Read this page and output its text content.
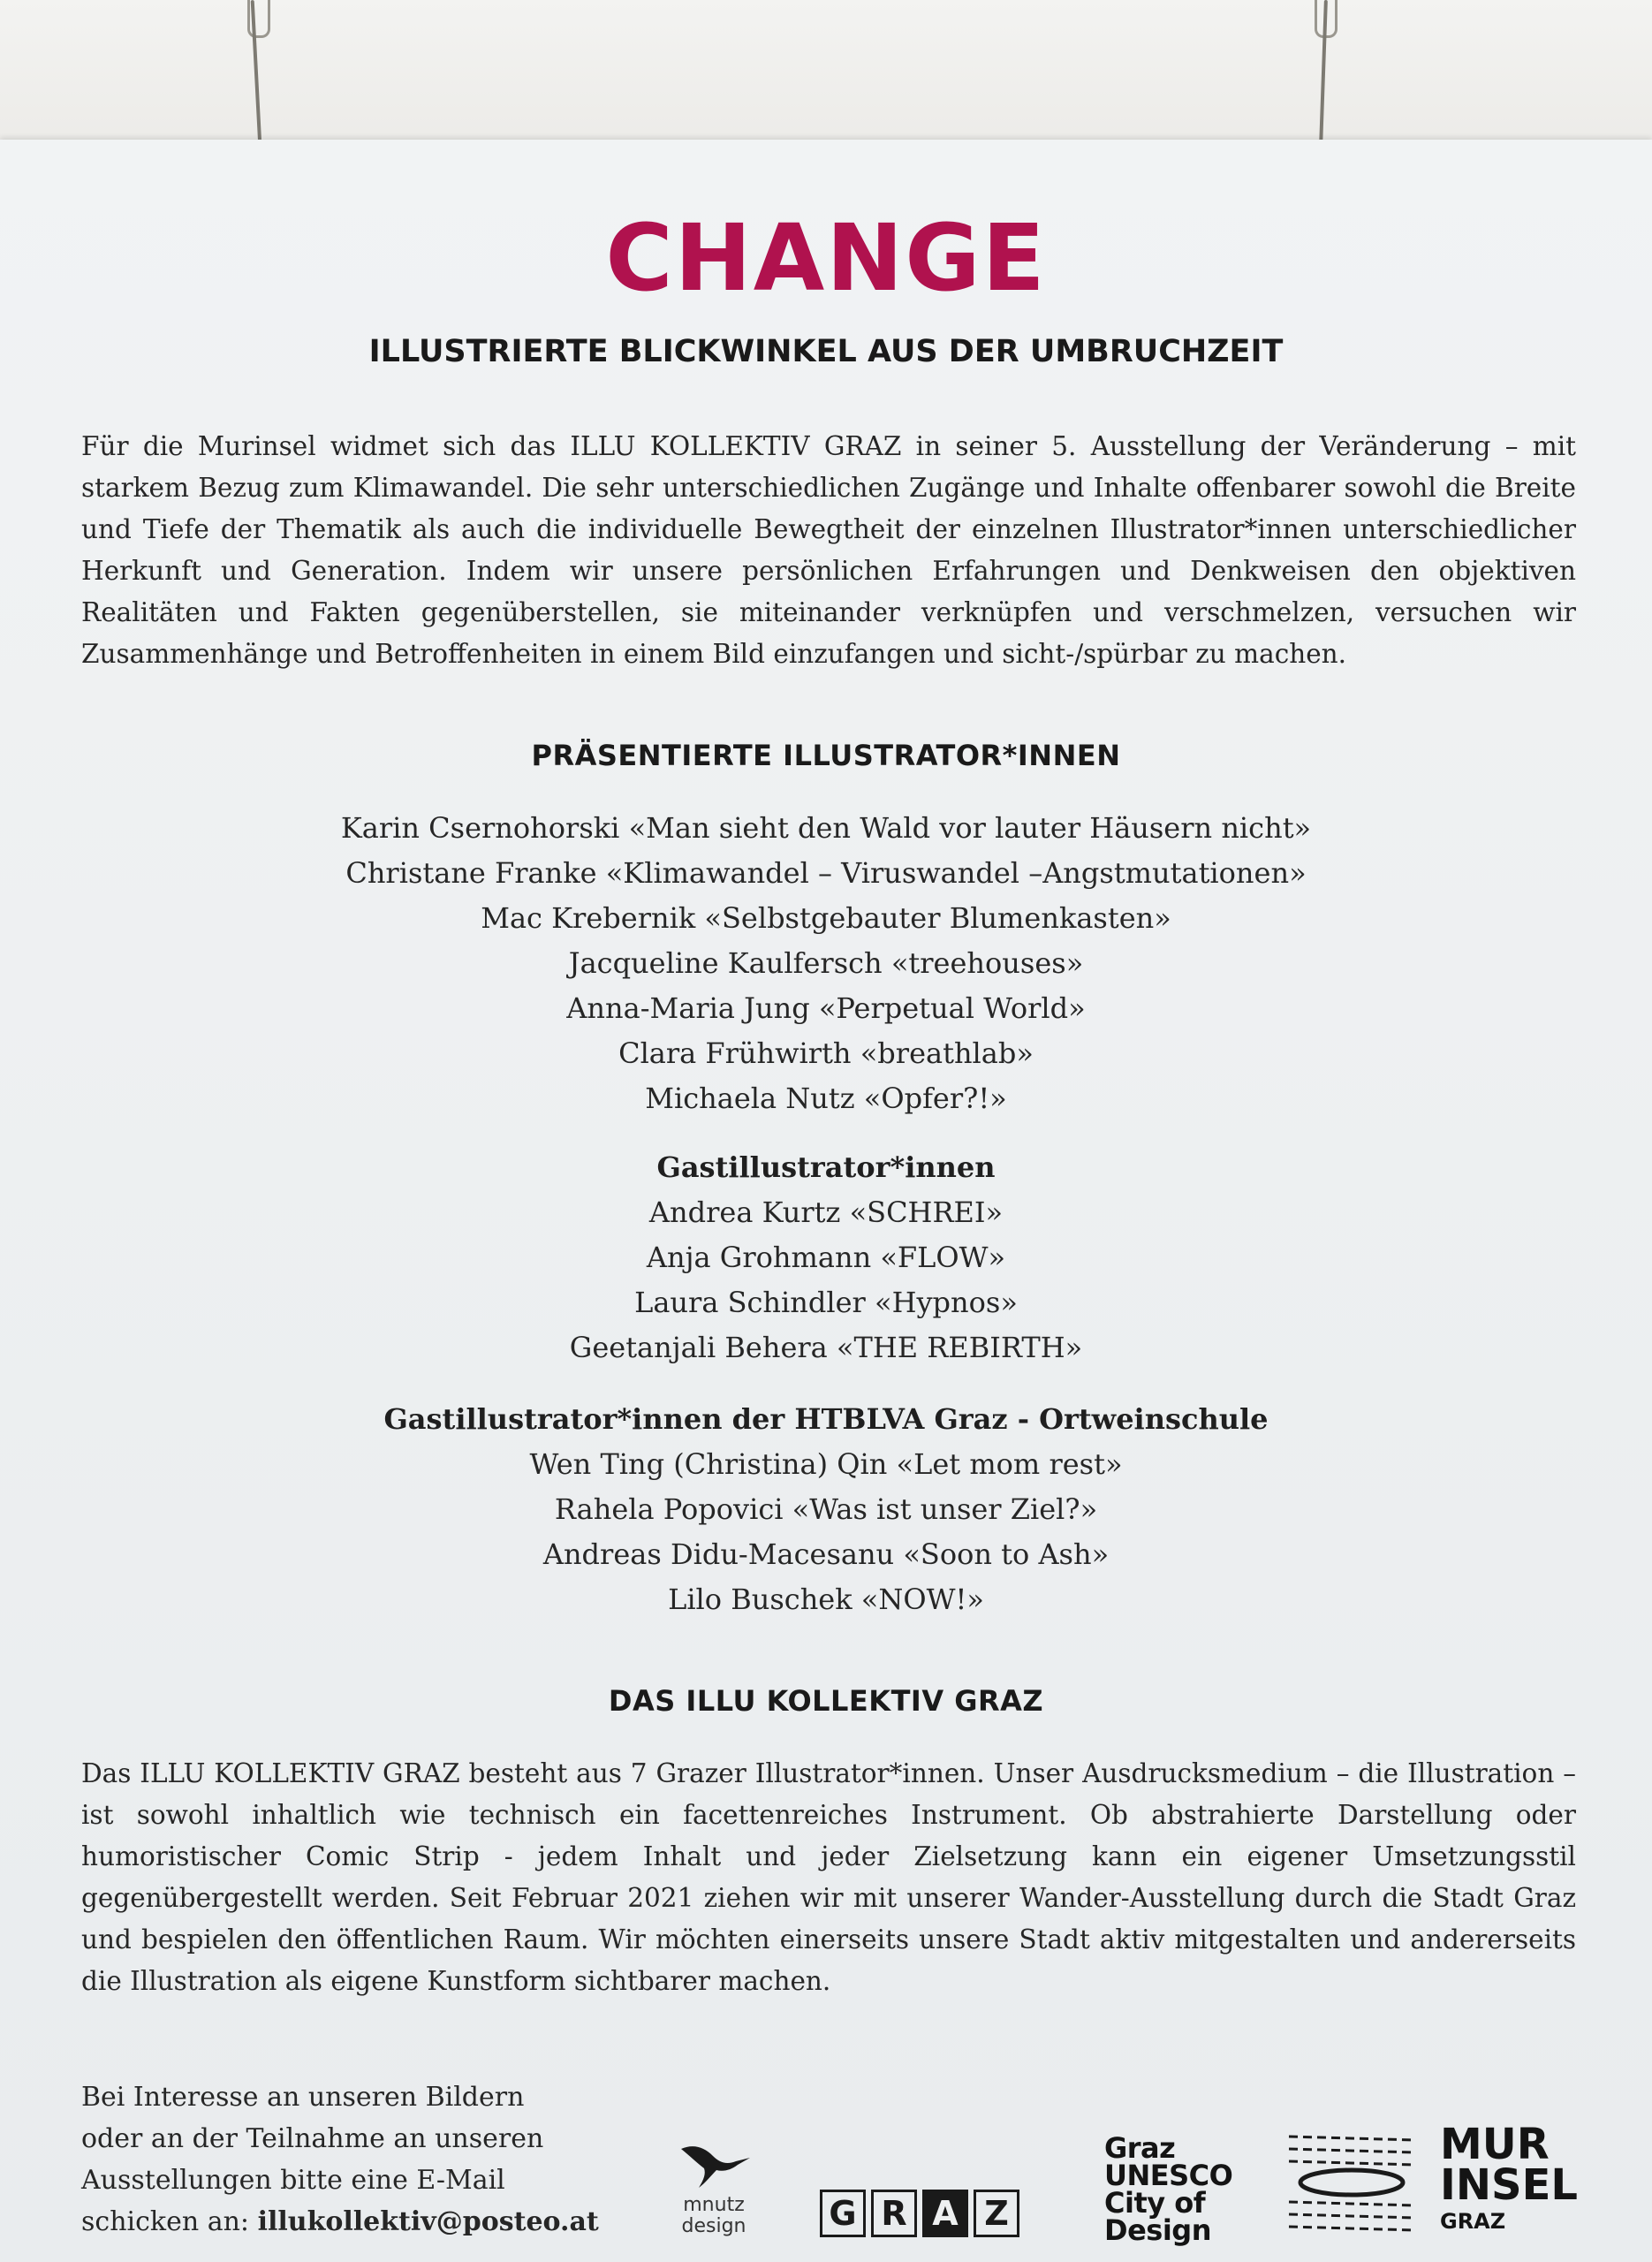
CHANGE
ILLUSTRIERTE BLICKWINKEL AUS DER UMBRUCHZEIT
Für die Murinsel widmet sich das ILLU KOLLEKTIV GRAZ in seiner 5. Ausstellung der Veränderung – mit starkem Bezug zum Klimawandel. Die sehr unterschiedlichen Zugänge und Inhalte offenbarer sowohl die Breite und Tiefe der Thematik als auch die individuelle Bewegtheit der einzelnen Illustrator*innen unterschiedlicher Herkunft und Generation. Indem wir unsere persönlichen Erfahrungen und Denkweisen den objektiven Realitäten und Fakten gegenüberstellen, sie miteinander verknüpfen und verschmelzen, versuchen wir Zusammenhänge und Betroffenheiten in einem Bild einzufangen und sicht-/spürbar zu machen.
PRÄSENTIERTE ILLUSTRATOR*INNEN
Karin Csernohorski «Man sieht den Wald vor lauter Häusern nicht»
Christane Franke «Klimawandel – Viruswandel –Angstmutationen»
Mac Krebernik «Selbstgebauter Blumenkasten»
Jacqueline Kaulfersch «treehouses»
Anna-Maria Jung «Perpetual World»
Clara Frühwirth «breathlab»
Michaela Nutz «Opfer?!»
Gastillustrator*innen
Andrea Kurtz «SCHREI»
Anja Grohmann «FLOW»
Laura Schindler «Hypnos»
Geetanjali Behera «THE REBIRTH»
Gastillustrator*innen der HTBLVA Graz - Ortweinschule
Wen Ting (Christina) Qin «Let mom rest»
Rahela Popovici «Was ist unser Ziel?»
Andreas Didu-Macesanu «Soon to Ash»
Lilo Buschek «NOW!»
DAS ILLU KOLLEKTIV GRAZ
Das ILLU KOLLEKTIV GRAZ besteht aus 7 Grazer Illustrator*innen. Unser Ausdrucksmedium – die Illustration – ist sowohl inhaltlich wie technisch ein facettenreiches Instrument. Ob abstrahierte Darstellung oder humoristischer Comic Strip - jedem Inhalt und jeder Zielsetzung kann ein eigener Umsetzungsstil gegenübergestellt werden. Seit Februar 2021 ziehen wir mit unserer Wander-Ausstellung durch die Stadt Graz und bespielen den öffentlichen Raum. Wir möchten einerseits unsere Stadt aktiv mitgestalten und andererseits die Illustration als eigene Kunstform sichtbarer machen.
Bei Interesse an unseren Bildern
oder an der Teilnahme an unseren
Ausstellungen bitte eine E-Mail
schicken an: illukollektiv@posteo.at
mnutz
design	G R A Z
Graz
UNESCO
City of
Design
MUR
INSEL
GRAZ
